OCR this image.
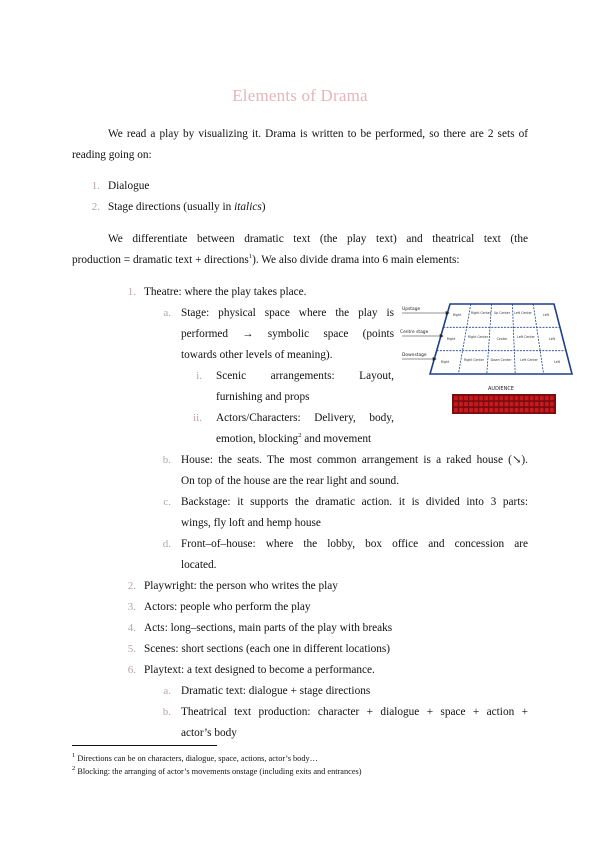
Elements of Drama
We read a play by visualizing it. Drama is written to be performed, so there are 2 sets of reading going on:
1. Dialogue
2. Stage directions (usually in italics)
We differentiate between dramatic text (the play text) and theatrical text (the
production = dramatic text + directions$^1$). We also divide drama into 6 main elements:
1. Theatre: where the play takes place.
a. Stage: physical space where the play is
performed → symbolic space (points
towards other levels of meaning).
i. Scenic arrangements: Layout,
furnishing and props
ii. Actors/Characters: Delivery, body,
emotion, blocking$^2$ and movement
b. House: the seats. The most common arrangement is a raked house (↘).
On top of the house are the rear light and sound.
c. Backstage: it supports the dramatic action. it is divided into 3 parts:
wings, fly loft and hemp house
d. Front–of–house: where the lobby, box office and concession are
located.
2. Playwright: the person who writes the play
3. Actors: people who perform the play
4. Acts: long–sections, main parts of the play with breaks
5. Scenes: short sections (each one in different locations)
6. Playtext: a text designed to become a performance.
a. Dramatic text: dialogue + stage directions
b. Theatrical text production: character + dialogue + space + action +
actor’s body
$^1$ Directions can be on characters, dialogue, space, actions, actor’s body…
$^2$ Blocking: the arranging of actor’s movements onstage (including exits and entrances)
Upstage
Centre stage
Downstage
Right	Right Center Up Center Left Center	Left
Right	Right Center	Center	Left Center	Left
Right	Right Center Down Center	Left Center	Left
AUDIENCE
